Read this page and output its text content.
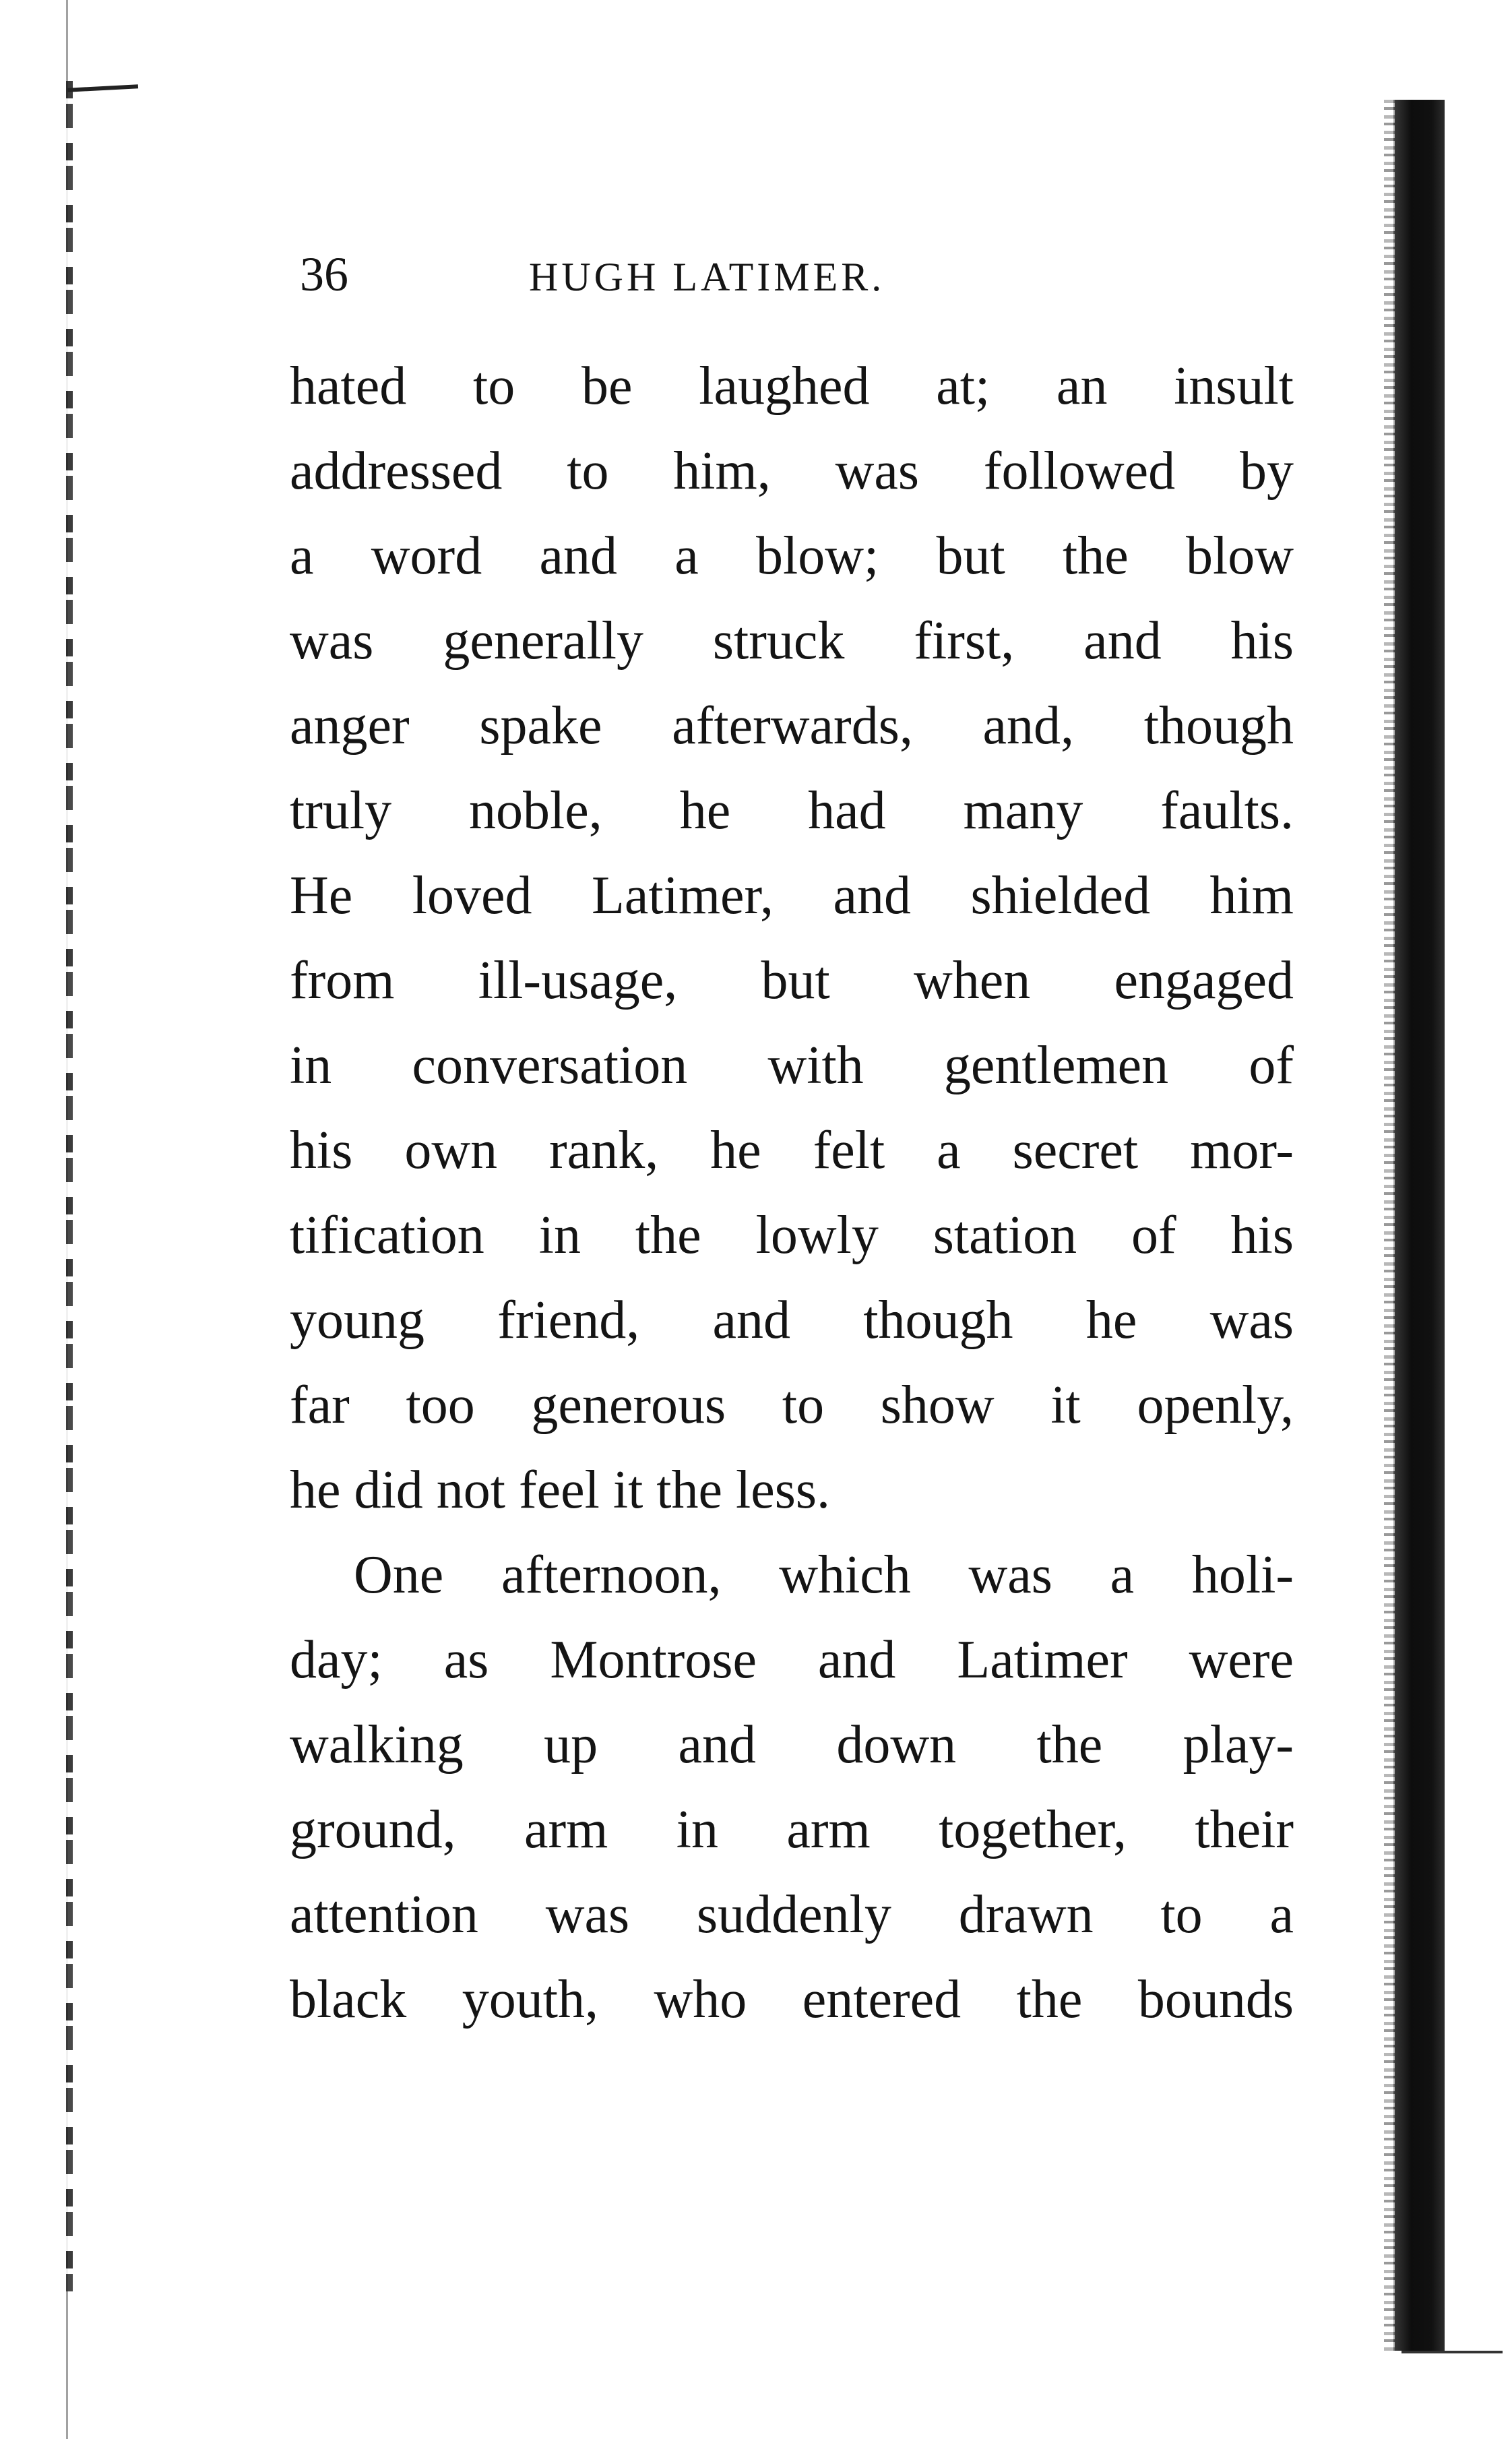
36	HUGH LATIMER.
hated to be laughed at; an insult
addressed to him, was followed by
a word and a blow; but the blow
was generally struck first, and his
anger spake afterwards, and, though
truly noble, he had many faults.
He loved Latimer, and shielded him
from ill-usage, but when engaged
in conversation with gentlemen of
his own rank, he felt a secret mor-
tification in the lowly station of his
young friend, and though he was
far too generous to show it openly,
he did not feel it the less.
One afternoon, which was a holi-
day; as Montrose and Latimer were
walking up and down the play-
ground, arm in arm together, their
attention was suddenly drawn to a
black youth, who entered the bounds
